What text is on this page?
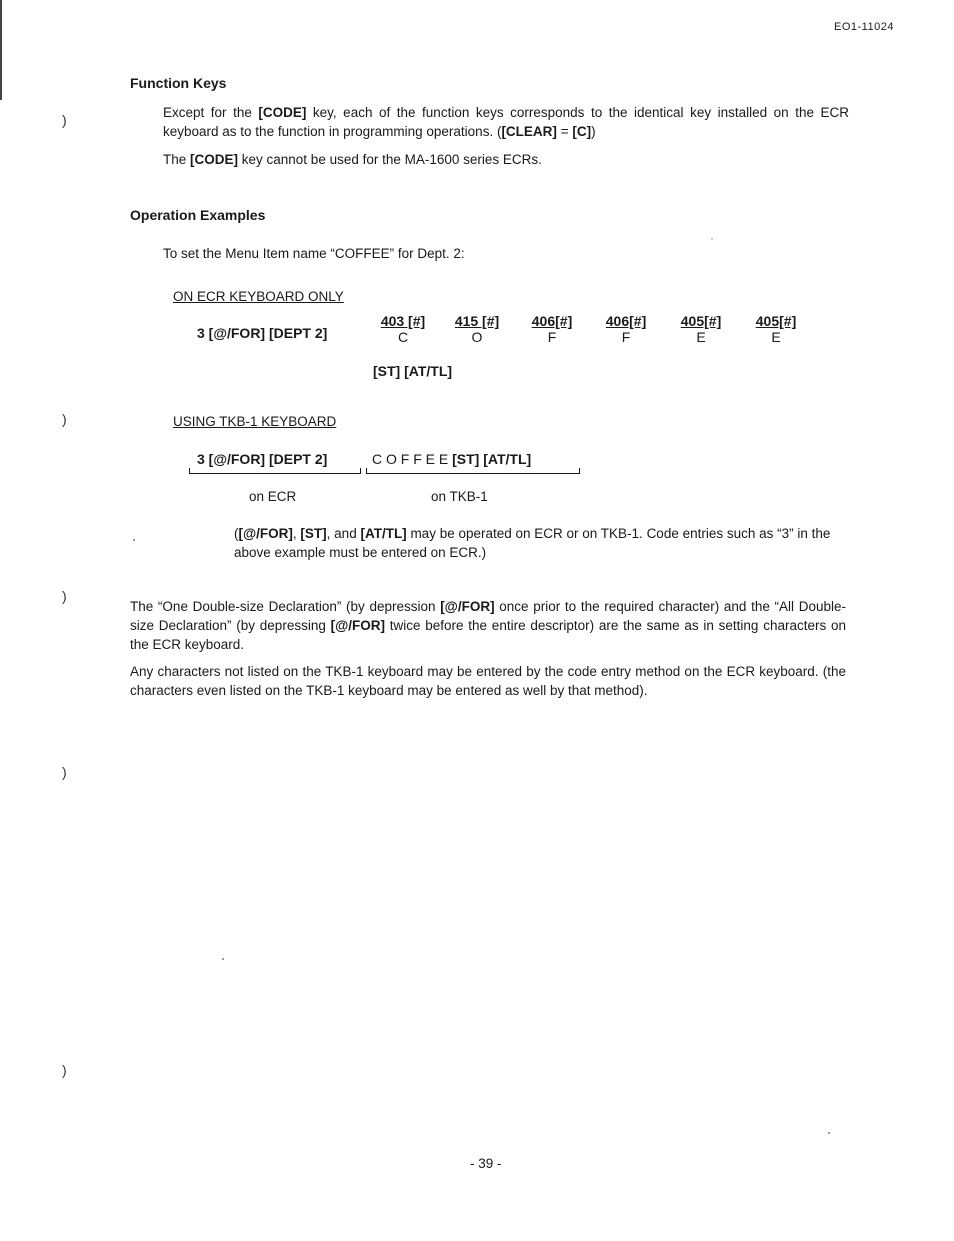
EO1-11024
)
)
)
)
)
Function Keys
Except for the [CODE] key, each of the function keys corresponds to the identical key installed on the ECR keyboard as to the function in programming operations. ([CLEAR] = [C])
The [CODE] key cannot be used for the MA-1600 series ECRs.
Operation Examples
To set the Menu Item name “COFFEE” for Dept. 2:
ON ECR KEYBOARD ONLY
3 [@/FOR] [DEPT 2]
403 [#]
C
415 [#]
O
406[#]
F
406[#]
F
405[#]
E
405[#]
E
[ST] [AT/TL]
USING TKB-1 KEYBOARD
3 [@/FOR] [DEPT 2]	C O F F E E [ST] [AT/TL]
on ECR	on TKB-1
([@/FOR], [ST], and [AT/TL] may be operated on ECR or on TKB-1. Code entries such as “3” in the above example must be entered on ECR.)
The “One Double-size Declaration” (by depression [@/FOR] once prior to the required character) and the “All Double-size Declaration” (by depressing [@/FOR] twice before the entire descriptor) are the same as in setting characters on the ECR keyboard.
Any characters not listed on the TKB-1 keyboard may be entered by the code entry method on the ECR keyboard. (the characters even listed on the TKB-1 keyboard may be entered as well by that method).
- 39 -
